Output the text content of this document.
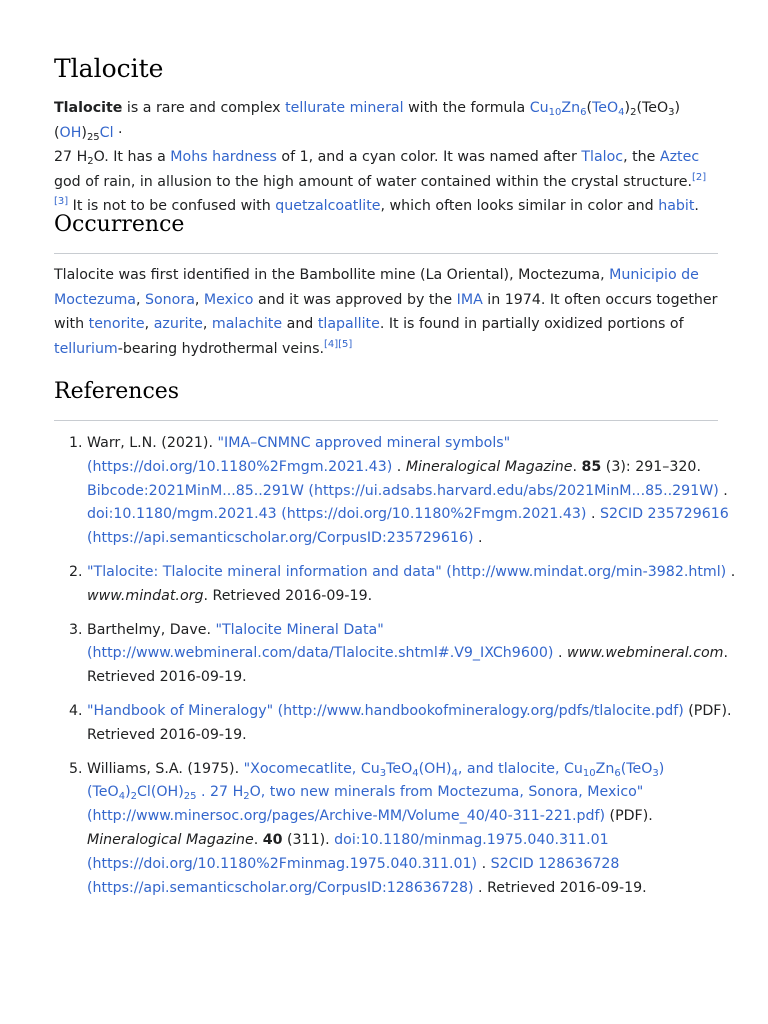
Tlalocite

Tlalocite is a rare and complex tellurate mineral with the formula $Cu_{10}Zn_6(TeO_4)_2(TeO_3)(OH)_{25}Cl$ ·
27 $H_2O$. It has a Mohs hardness of 1, and a cyan color. It was named after Tlaloc, the Aztec god of rain, in allusion to the high amount of water contained within the crystal structure.[2][3] It is not to be confused with quetzalcoatlite, which often looks similar in color and habit.

Occurrence

Tlalocite was first identified in the Bambollite mine (La Oriental), Moctezuma, Municipio de Moctezuma, Sonora, Mexico and it was approved by the IMA in 1974. It often occurs together with tenorite, azurite, malachite and tlapallite. It is found in partially oxidized portions of tellurium-bearing hydrothermal veins.[4][5]

References
1. Warr, L.N. (2021). "IMA–CNMNC approved mineral symbols" (https://doi.org/10.1180%2Fmgm.2021.43) . Mineralogical Magazine. 85 (3): 291–320. Bibcode:2021MinM...85..291W (https://ui.adsabs.harvard.edu/abs/2021MinM...85..291W) . doi:10.1180/mgm.2021.43 (https://doi.org/10.1180%2Fmgm.2021.43) . S2CID 235729616 (https://api.semanticscholar.org/CorpusID:235729616) .
2. "Tlalocite: Tlalocite mineral information and data" (http://www.mindat.org/min-3982.html) . www.mindat.org. Retrieved 2016-09-19.
3. Barthelmy, Dave. "Tlalocite Mineral Data" (http://www.webmineral.com/data/Tlalocite.shtml#.V9_IXCh9600) . www.webmineral.com. Retrieved 2016-09-19.
4. "Handbook of Mineralogy" (http://www.handbookofmineralogy.org/pdfs/tlalocite.pdf) (PDF). Retrieved 2016-09-19.
5. Williams, S.A. (1975). "Xocomecatlite, $Cu_3TeO_4(OH)_4$, and tlalocite, $Cu_{10}Zn_6(TeO_3)(TeO_4)_2Cl(OH)_{25}$ . 27 $H_2O$, two new minerals from Moctezuma, Sonora, Mexico" (http://www.minersoc.org/pages/Archive-MM/Volume_40/40-311-221.pdf) (PDF). Mineralogical Magazine. 40 (311). doi:10.1180/minmag.1975.040.311.01 (https://doi.org/10.1180%2Fminmag.1975.040.311.01) . S2CID 128636728 (https://api.semanticscholar.org/CorpusID:128636728) . Retrieved 2016-09-19.
